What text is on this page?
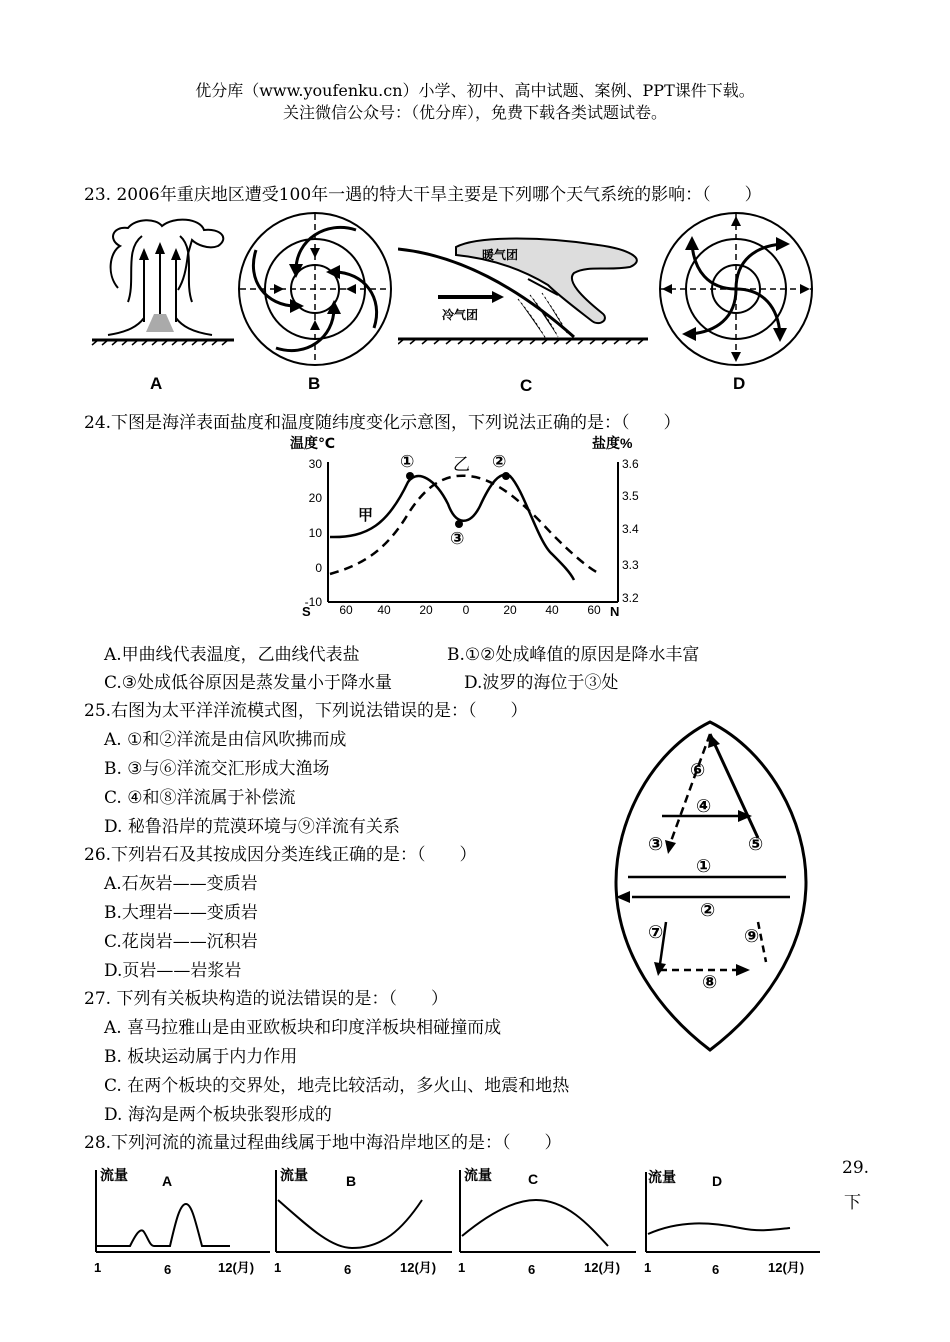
优分库（www.youfenku.cn）小学、初中、高中试题、案例、PPT课件下载。
关注微信公众号：（优分库），免费下载各类试题试卷。
23. 2006年重庆地区遭受100年一遇的特大干旱主要是下列哪个天气系统的影响：（　　）
A	B
暖气团
冷气团
C	D
24.下图是海洋表面盐度和温度随纬度变化示意图，下列说法正确的是：（　　）
温度℃	盐度%
30
20
10
0
-10
3.6
3.5
3.4
3.3
3.2
S 60 40 20 0	20 40 60 N
甲
乙
①	②
③
A.甲曲线代表温度，乙曲线代表盐	B.①②处成峰值的原因是降水丰富
C.③处成低谷原因是蒸发量小于降水量	D.波罗的海位于③处
25.右图为太平洋洋流模式图，下列说法错误的是：（　　）
A. ①和②洋流是由信风吹拂而成
B. ③与⑥洋流交汇形成大渔场
C. ④和⑧洋流属于补偿流
D. 秘鲁沿岸的荒漠环境与⑨洋流有关系
⑥
④
③	⑤
①
②
⑦	⑨
⑧
26.下列岩石及其按成因分类连线正确的是：（　　）
A.石灰岩——变质岩
B.大理岩——变质岩
C.花岗岩——沉积岩
D.页岩——岩浆岩
27. 下列有关板块构造的说法错误的是：（　　）
A. 喜马拉雅山是由亚欧板块和印度洋板块相碰撞而成
B. 板块运动属于内力作用
C. 在两个板块的交界处，地壳比较活动，多火山、地震和地热
D. 海沟是两个板块张裂形成的
28.下列河流的流量过程曲线属于地中海沿岸地区的是：（　　）
流量 A
1	6	12(月)
流量	B
1	6	12(月)
流量	C
1	6	12(月)
流量	D
1	6	12(月)
29.
下
